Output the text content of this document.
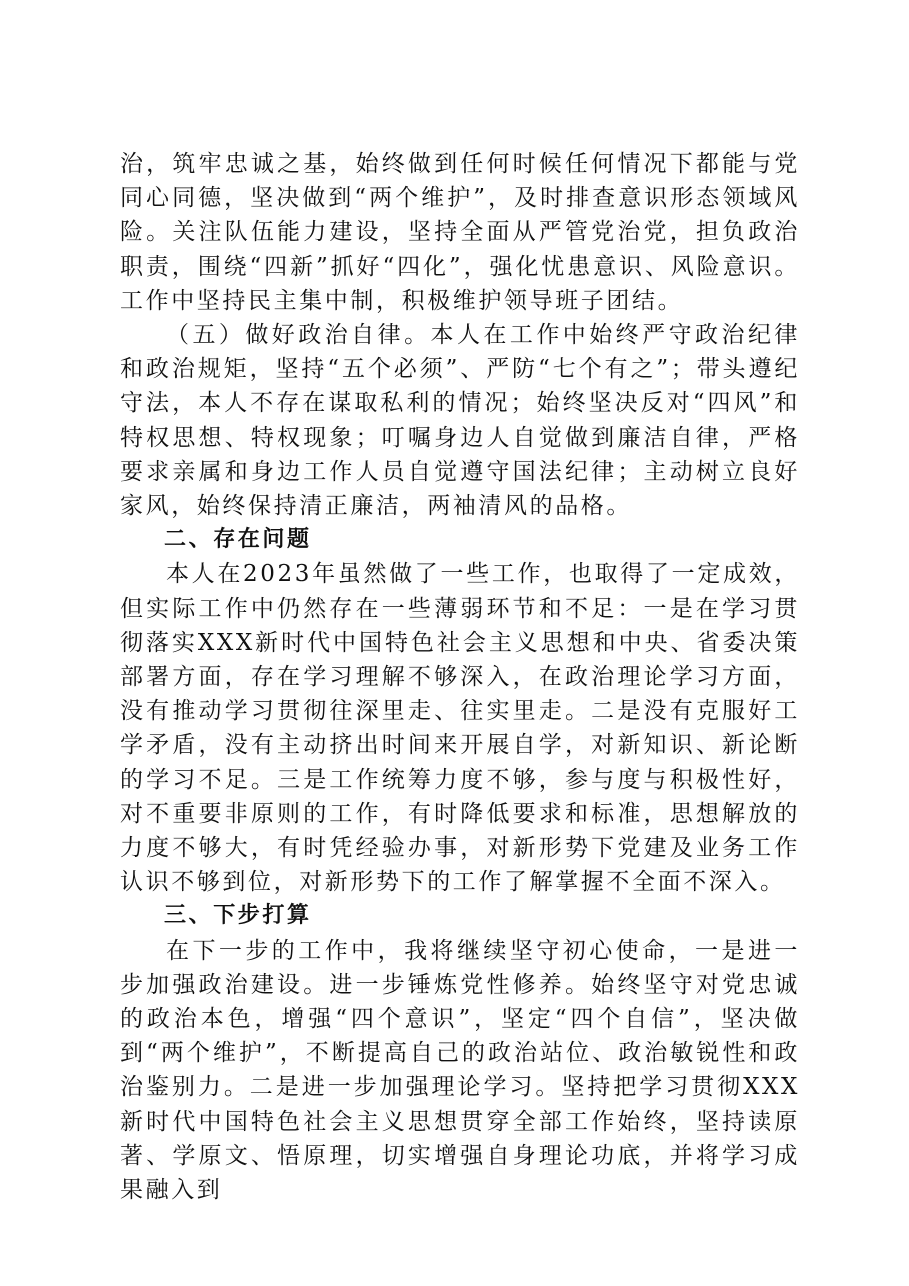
治，筑牢忠诚之基，始终做到任何时候任何情况下都能与党同心同德，坚决做到“两个维护”，及时排查意识形态领域风险。关注队伍能力建设，坚持全面从严管党治党，担负政治职责，围绕“四新”抓好“四化”，强化忧患意识、风险意识。工作中坚持民主集中制，积极维护领导班子团结。

（五）做好政治自律。本人在工作中始终严守政治纪律和政治规矩，坚持“五个必须”、严防“七个有之”；带头遵纪守法，本人不存在谋取私利的情况；始终坚决反对“四风”和特权思想、特权现象；叮嘱身边人自觉做到廉洁自律，严格要求亲属和身边工作人员自觉遵守国法纪律；主动树立良好家风，始终保持清正廉洁，两袖清风的品格。

二、存在问题

本人在2023年虽然做了一些工作，也取得了一定成效，但实际工作中仍然存在一些薄弱环节和不足：一是在学习贯彻落实XXX新时代中国特色社会主义思想和中央、省委决策部署方面，存在学习理解不够深入，在政治理论学习方面，没有推动学习贯彻往深里走、往实里走。二是没有克服好工学矛盾，没有主动挤出时间来开展自学，对新知识、新论断的学习不足。三是工作统筹力度不够，参与度与积极性好，对不重要非原则的工作，有时降低要求和标准，思想解放的力度不够大，有时凭经验办事，对新形势下党建及业务工作认识不够到位，对新形势下的工作了解掌握不全面不深入。

三、下步打算

在下一步的工作中，我将继续坚守初心使命，一是进一步加强政治建设。进一步锤炼党性修养。始终坚守对党忠诚的政治本色，增强“四个意识”，坚定“四个自信”，坚决做到“两个维护”，不断提高自己的政治站位、政治敏锐性和政治鉴别力。二是进一步加强理论学习。坚持把学习贯彻XXX新时代中国特色社会主义思想贯穿全部工作始终，坚持读原著、学原文、悟原理，切实增强自身理论功底，并将学习成果融入到
